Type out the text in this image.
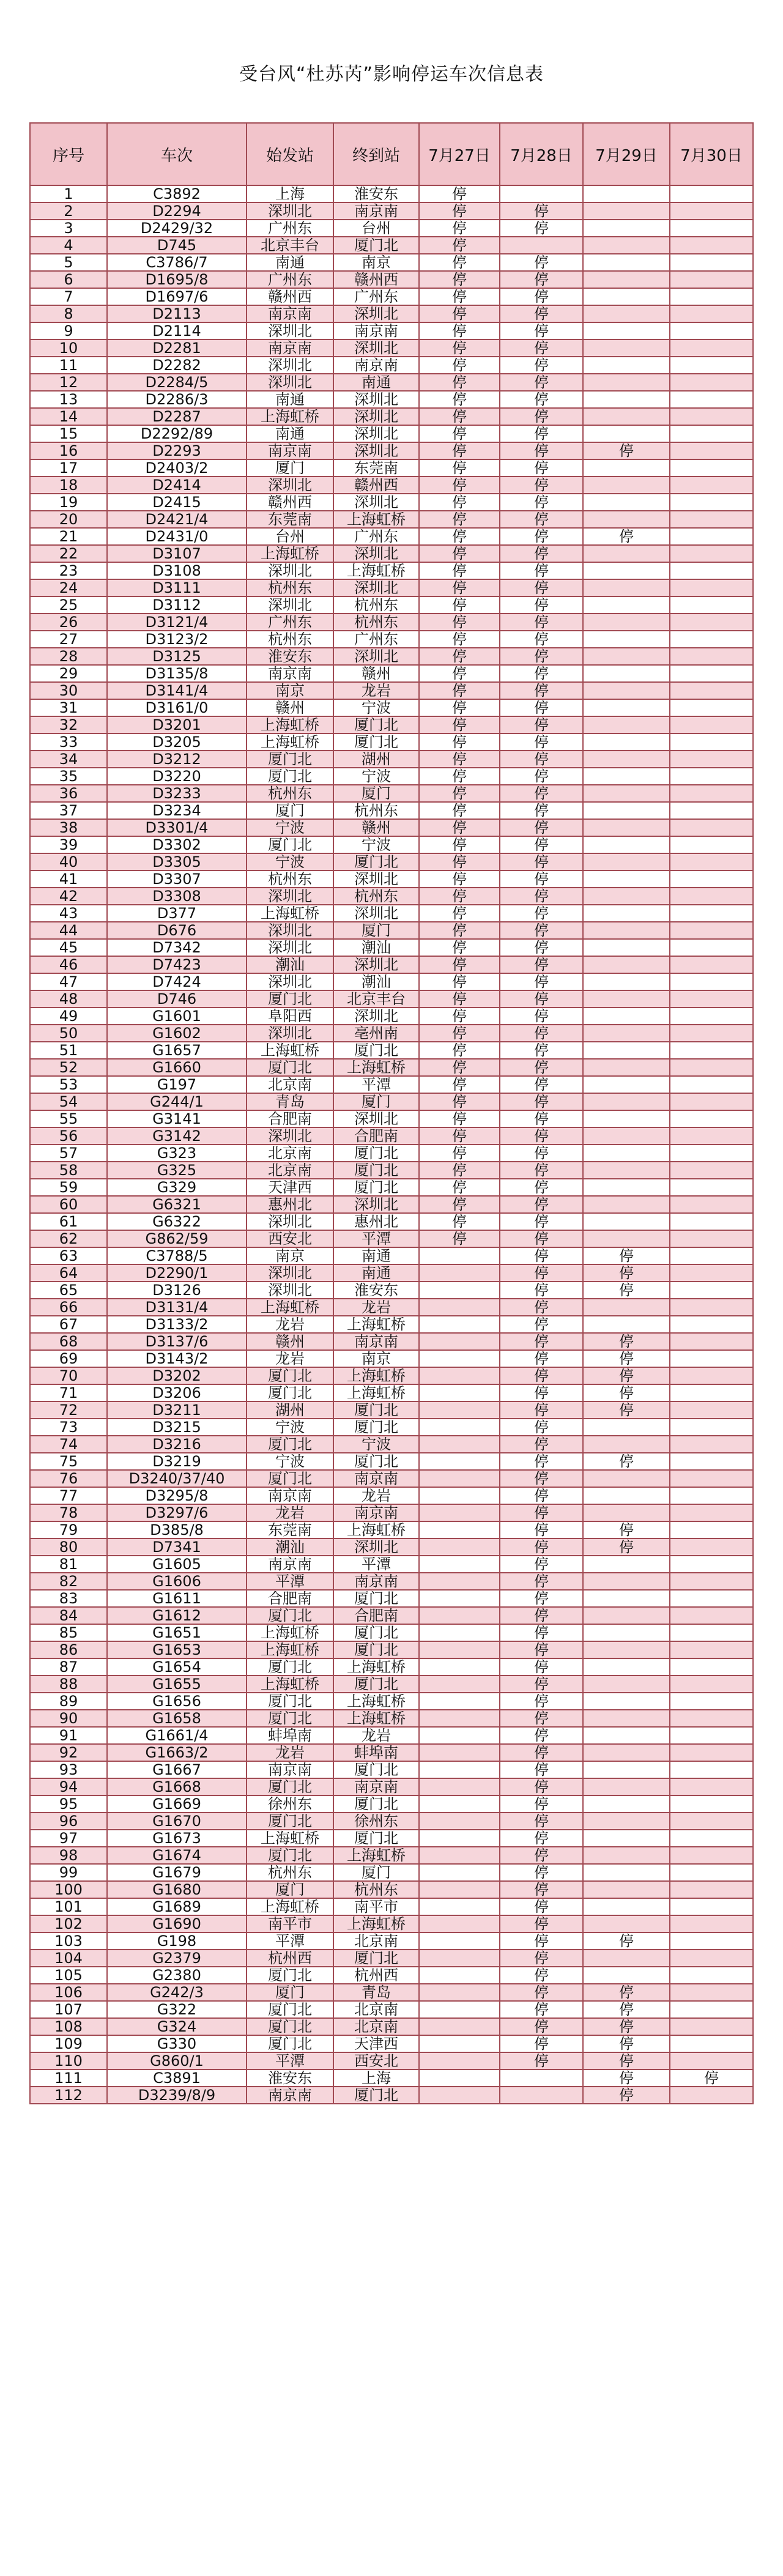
受台风“杜苏芮”影响停运车次信息表
序号	车次	始发站	终到站	7月27日	7月28日	7月29日	7月30日
1	C3892	上海	淮安东	停			
2	D2294	深圳北	南京南	停	停		
3	D2429/32	广州东	台州	停	停		
4	D745	北京丰台	厦门北	停			
5	C3786/7	南通	南京	停	停		
6	D1695/8	广州东	赣州西	停	停		
7	D1697/6	赣州西	广州东	停	停		
8	D2113	南京南	深圳北	停	停		
9	D2114	深圳北	南京南	停	停		
10	D2281	南京南	深圳北	停	停		
11	D2282	深圳北	南京南	停	停		
12	D2284/5	深圳北	南通	停	停		
13	D2286/3	南通	深圳北	停	停		
14	D2287	上海虹桥	深圳北	停	停		
15	D2292/89	南通	深圳北	停	停		
16	D2293	南京南	深圳北	停	停	停	
17	D2403/2	厦门	东莞南	停	停		
18	D2414	深圳北	赣州西	停	停		
19	D2415	赣州西	深圳北	停	停		
20	D2421/4	东莞南	上海虹桥	停	停		
21	D2431/0	台州	广州东	停	停	停	
22	D3107	上海虹桥	深圳北	停	停		
23	D3108	深圳北	上海虹桥	停	停		
24	D3111	杭州东	深圳北	停	停		
25	D3112	深圳北	杭州东	停	停		
26	D3121/4	广州东	杭州东	停	停		
27	D3123/2	杭州东	广州东	停	停		
28	D3125	淮安东	深圳北	停	停		
29	D3135/8	南京南	赣州	停	停		
30	D3141/4	南京	龙岩	停	停		
31	D3161/0	赣州	宁波	停	停		
32	D3201	上海虹桥	厦门北	停	停		
33	D3205	上海虹桥	厦门北	停	停		
34	D3212	厦门北	湖州	停	停		
35	D3220	厦门北	宁波	停	停		
36	D3233	杭州东	厦门	停	停		
37	D3234	厦门	杭州东	停	停		
38	D3301/4	宁波	赣州	停	停		
39	D3302	厦门北	宁波	停	停		
40	D3305	宁波	厦门北	停	停		
41	D3307	杭州东	深圳北	停	停		
42	D3308	深圳北	杭州东	停	停		
43	D377	上海虹桥	深圳北	停	停		
44	D676	深圳北	厦门	停	停		
45	D7342	深圳北	潮汕	停	停		
46	D7423	潮汕	深圳北	停	停		
47	D7424	深圳北	潮汕	停	停		
48	D746	厦门北	北京丰台	停	停		
49	G1601	阜阳西	深圳北	停	停		
50	G1602	深圳北	亳州南	停	停		
51	G1657	上海虹桥	厦门北	停	停		
52	G1660	厦门北	上海虹桥	停	停		
53	G197	北京南	平潭	停	停		
54	G244/1	青岛	厦门	停	停		
55	G3141	合肥南	深圳北	停	停		
56	G3142	深圳北	合肥南	停	停		
57	G323	北京南	厦门北	停	停		
58	G325	北京南	厦门北	停	停		
59	G329	天津西	厦门北	停	停		
60	G6321	惠州北	深圳北	停	停		
61	G6322	深圳北	惠州北	停	停		
62	G862/59	西安北	平潭	停	停		
63	C3788/5	南京	南通		停	停	
64	D2290/1	深圳北	南通		停	停	
65	D3126	深圳北	淮安东		停	停	
66	D3131/4	上海虹桥	龙岩		停		
67	D3133/2	龙岩	上海虹桥		停		
68	D3137/6	赣州	南京南		停	停	
69	D3143/2	龙岩	南京		停	停	
70	D3202	厦门北	上海虹桥		停	停	
71	D3206	厦门北	上海虹桥		停	停	
72	D3211	湖州	厦门北		停	停	
73	D3215	宁波	厦门北		停		
74	D3216	厦门北	宁波		停		
75	D3219	宁波	厦门北		停	停	
76	D3240/37/40	厦门北	南京南		停		
77	D3295/8	南京南	龙岩		停		
78	D3297/6	龙岩	南京南		停		
79	D385/8	东莞南	上海虹桥		停	停	
80	D7341	潮汕	深圳北		停	停	
81	G1605	南京南	平潭		停		
82	G1606	平潭	南京南		停		
83	G1611	合肥南	厦门北		停		
84	G1612	厦门北	合肥南		停		
85	G1651	上海虹桥	厦门北		停		
86	G1653	上海虹桥	厦门北		停		
87	G1654	厦门北	上海虹桥		停		
88	G1655	上海虹桥	厦门北		停		
89	G1656	厦门北	上海虹桥		停		
90	G1658	厦门北	上海虹桥		停		
91	G1661/4	蚌埠南	龙岩		停		
92	G1663/2	龙岩	蚌埠南		停		
93	G1667	南京南	厦门北		停		
94	G1668	厦门北	南京南		停		
95	G1669	徐州东	厦门北		停		
96	G1670	厦门北	徐州东		停		
97	G1673	上海虹桥	厦门北		停		
98	G1674	厦门北	上海虹桥		停		
99	G1679	杭州东	厦门		停		
100	G1680	厦门	杭州东		停		
101	G1689	上海虹桥	南平市		停		
102	G1690	南平市	上海虹桥		停		
103	G198	平潭	北京南		停	停	
104	G2379	杭州西	厦门北		停		
105	G2380	厦门北	杭州西		停		
106	G242/3	厦门	青岛		停	停	
107	G322	厦门北	北京南		停	停	
108	G324	厦门北	北京南		停	停	
109	G330	厦门北	天津西		停	停	
110	G860/1	平潭	西安北		停	停	
111	C3891	淮安东	上海			停	停
112	D3239/8/9	南京南	厦门北			停	
